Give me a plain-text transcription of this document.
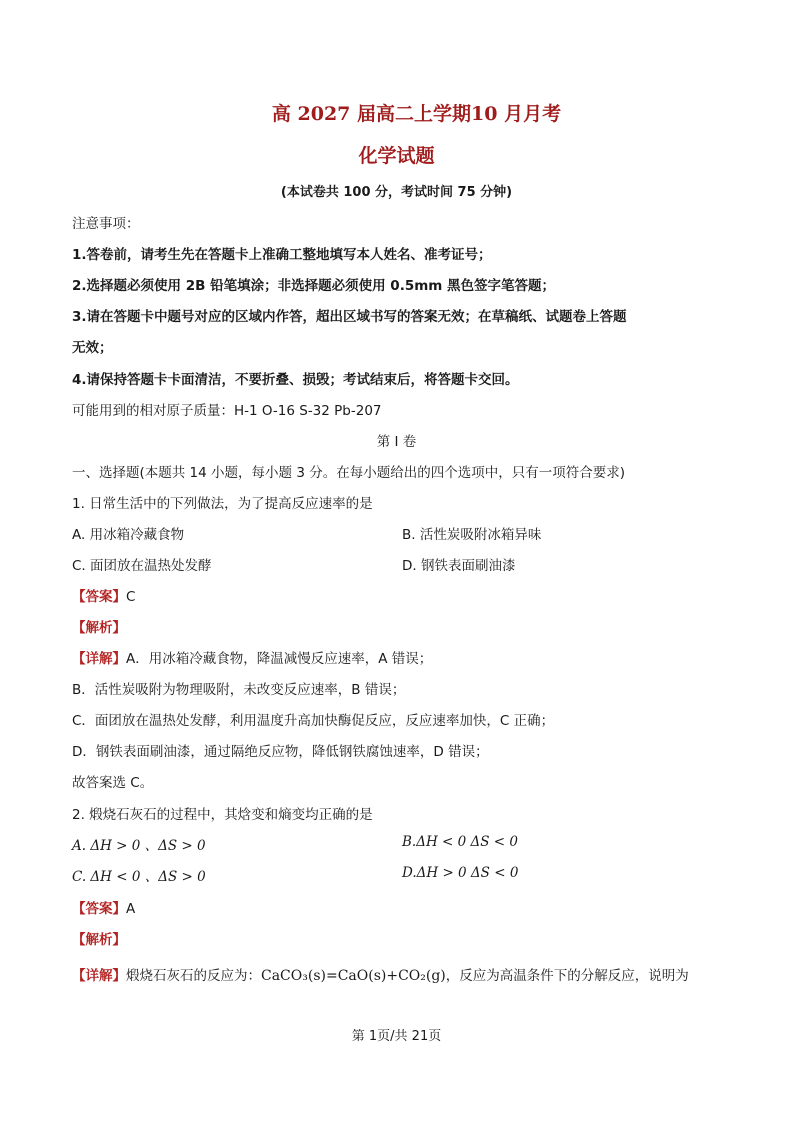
高 2027 届高二上学期10 月月考
化学试题
(本试卷共 100 分，考试时间 75 分钟)
注意事项：
1.答卷前，请考生先在答题卡上准确工整地填写本人姓名、准考证号；
2.选择题必须使用 2B 铅笔填涂；非选择题必须使用 0.5mm 黑色签字笔答题；
3.请在答题卡中题号对应的区域内作答，超出区域书写的答案无效；在草稿纸、试题卷上答题
无效；
4.请保持答题卡卡面清洁，不要折叠、损毁；考试结束后，将答题卡交回。
可能用到的相对原子质量：H-1 O-16 S-32 Pb-207
第 I 卷
一、选择题(本题共 14 小题，每小题 3 分。在每小题给出的四个选项中，只有一项符合要求)
1. 日常生活中的下列做法，为了提高反应速率的是
A. 用冰箱冷藏食物	B. 活性炭吸附冰箱异味
C. 面团放在温热处发酵	D. 钢铁表面刷油漆
【答案】C
【解析】
【详解】A．用冰箱冷藏食物，降温减慢反应速率，A 错误；
B．活性炭吸附为物理吸附，未改变反应速率，B 错误；
C．面团放在温热处发酵，利用温度升高加快酶促反应，反应速率加快，C 正确；
D．钢铁表面刷油漆，通过隔绝反应物，降低钢铁腐蚀速率，D 错误；
故答案选 C。
2. 煅烧石灰石的过程中，其焓变和熵变均正确的是
A. ΔH > 0 、ΔS > 0	B.ΔH < 0 ΔS < 0
C. ΔH < 0 、ΔS > 0	D.ΔH > 0 ΔS < 0
【答案】A
【解析】
【详解】煅烧石灰石的反应为：CaCO₃(s)=CaO(s)+CO₂(g)，反应为高温条件下的分解反应，说明为
第 1页/共 21页
